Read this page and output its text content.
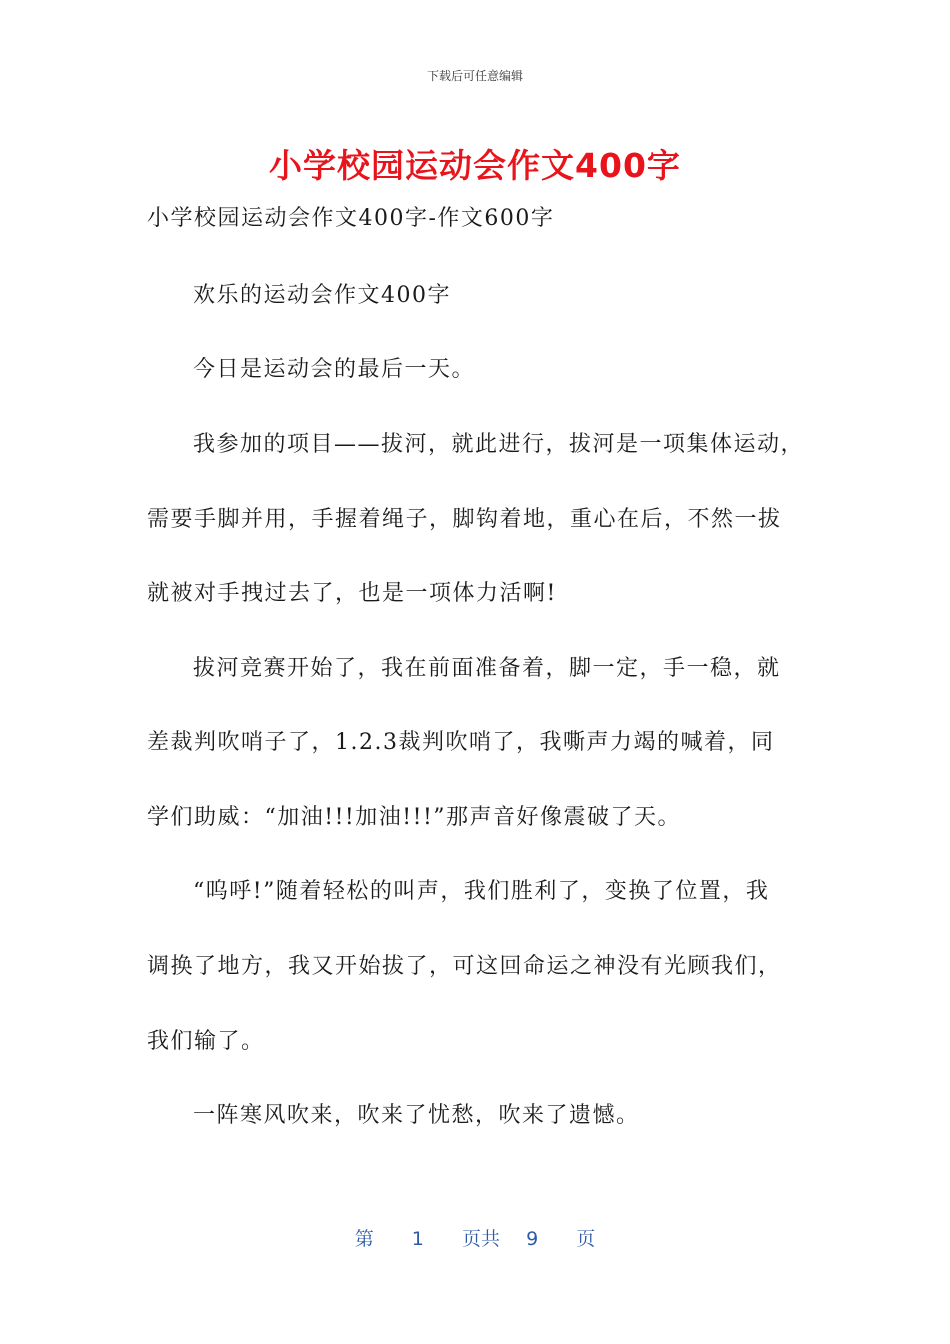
下载后可任意编辑
小学校园运动会作文400字
小学校园运动会作文400字-作文600字
欢乐的运动会作文400字
今日是运动会的最后一天。
我参加的项目——拔河，就此进行，拔河是一项集体运动，
需要手脚并用，手握着绳子，脚钩着地，重心在后，不然一拔
就被对手拽过去了，也是一项体力活啊!
拔河竞赛开始了，我在前面准备着，脚一定，手一稳，就
差裁判吹哨子了，1.2.3裁判吹哨了，我嘶声力竭的喊着，同
学们助威：“加油!!!加油!!!”那声音好像震破了天。
“呜呼!”随着轻松的叫声，我们胜利了，变换了位置，我
调换了地方，我又开始拔了，可这回命运之神没有光顾我们，
我们输了。
一阵寒风吹来，吹来了忧愁，吹来了遗憾。
第 1 页共 9 页
